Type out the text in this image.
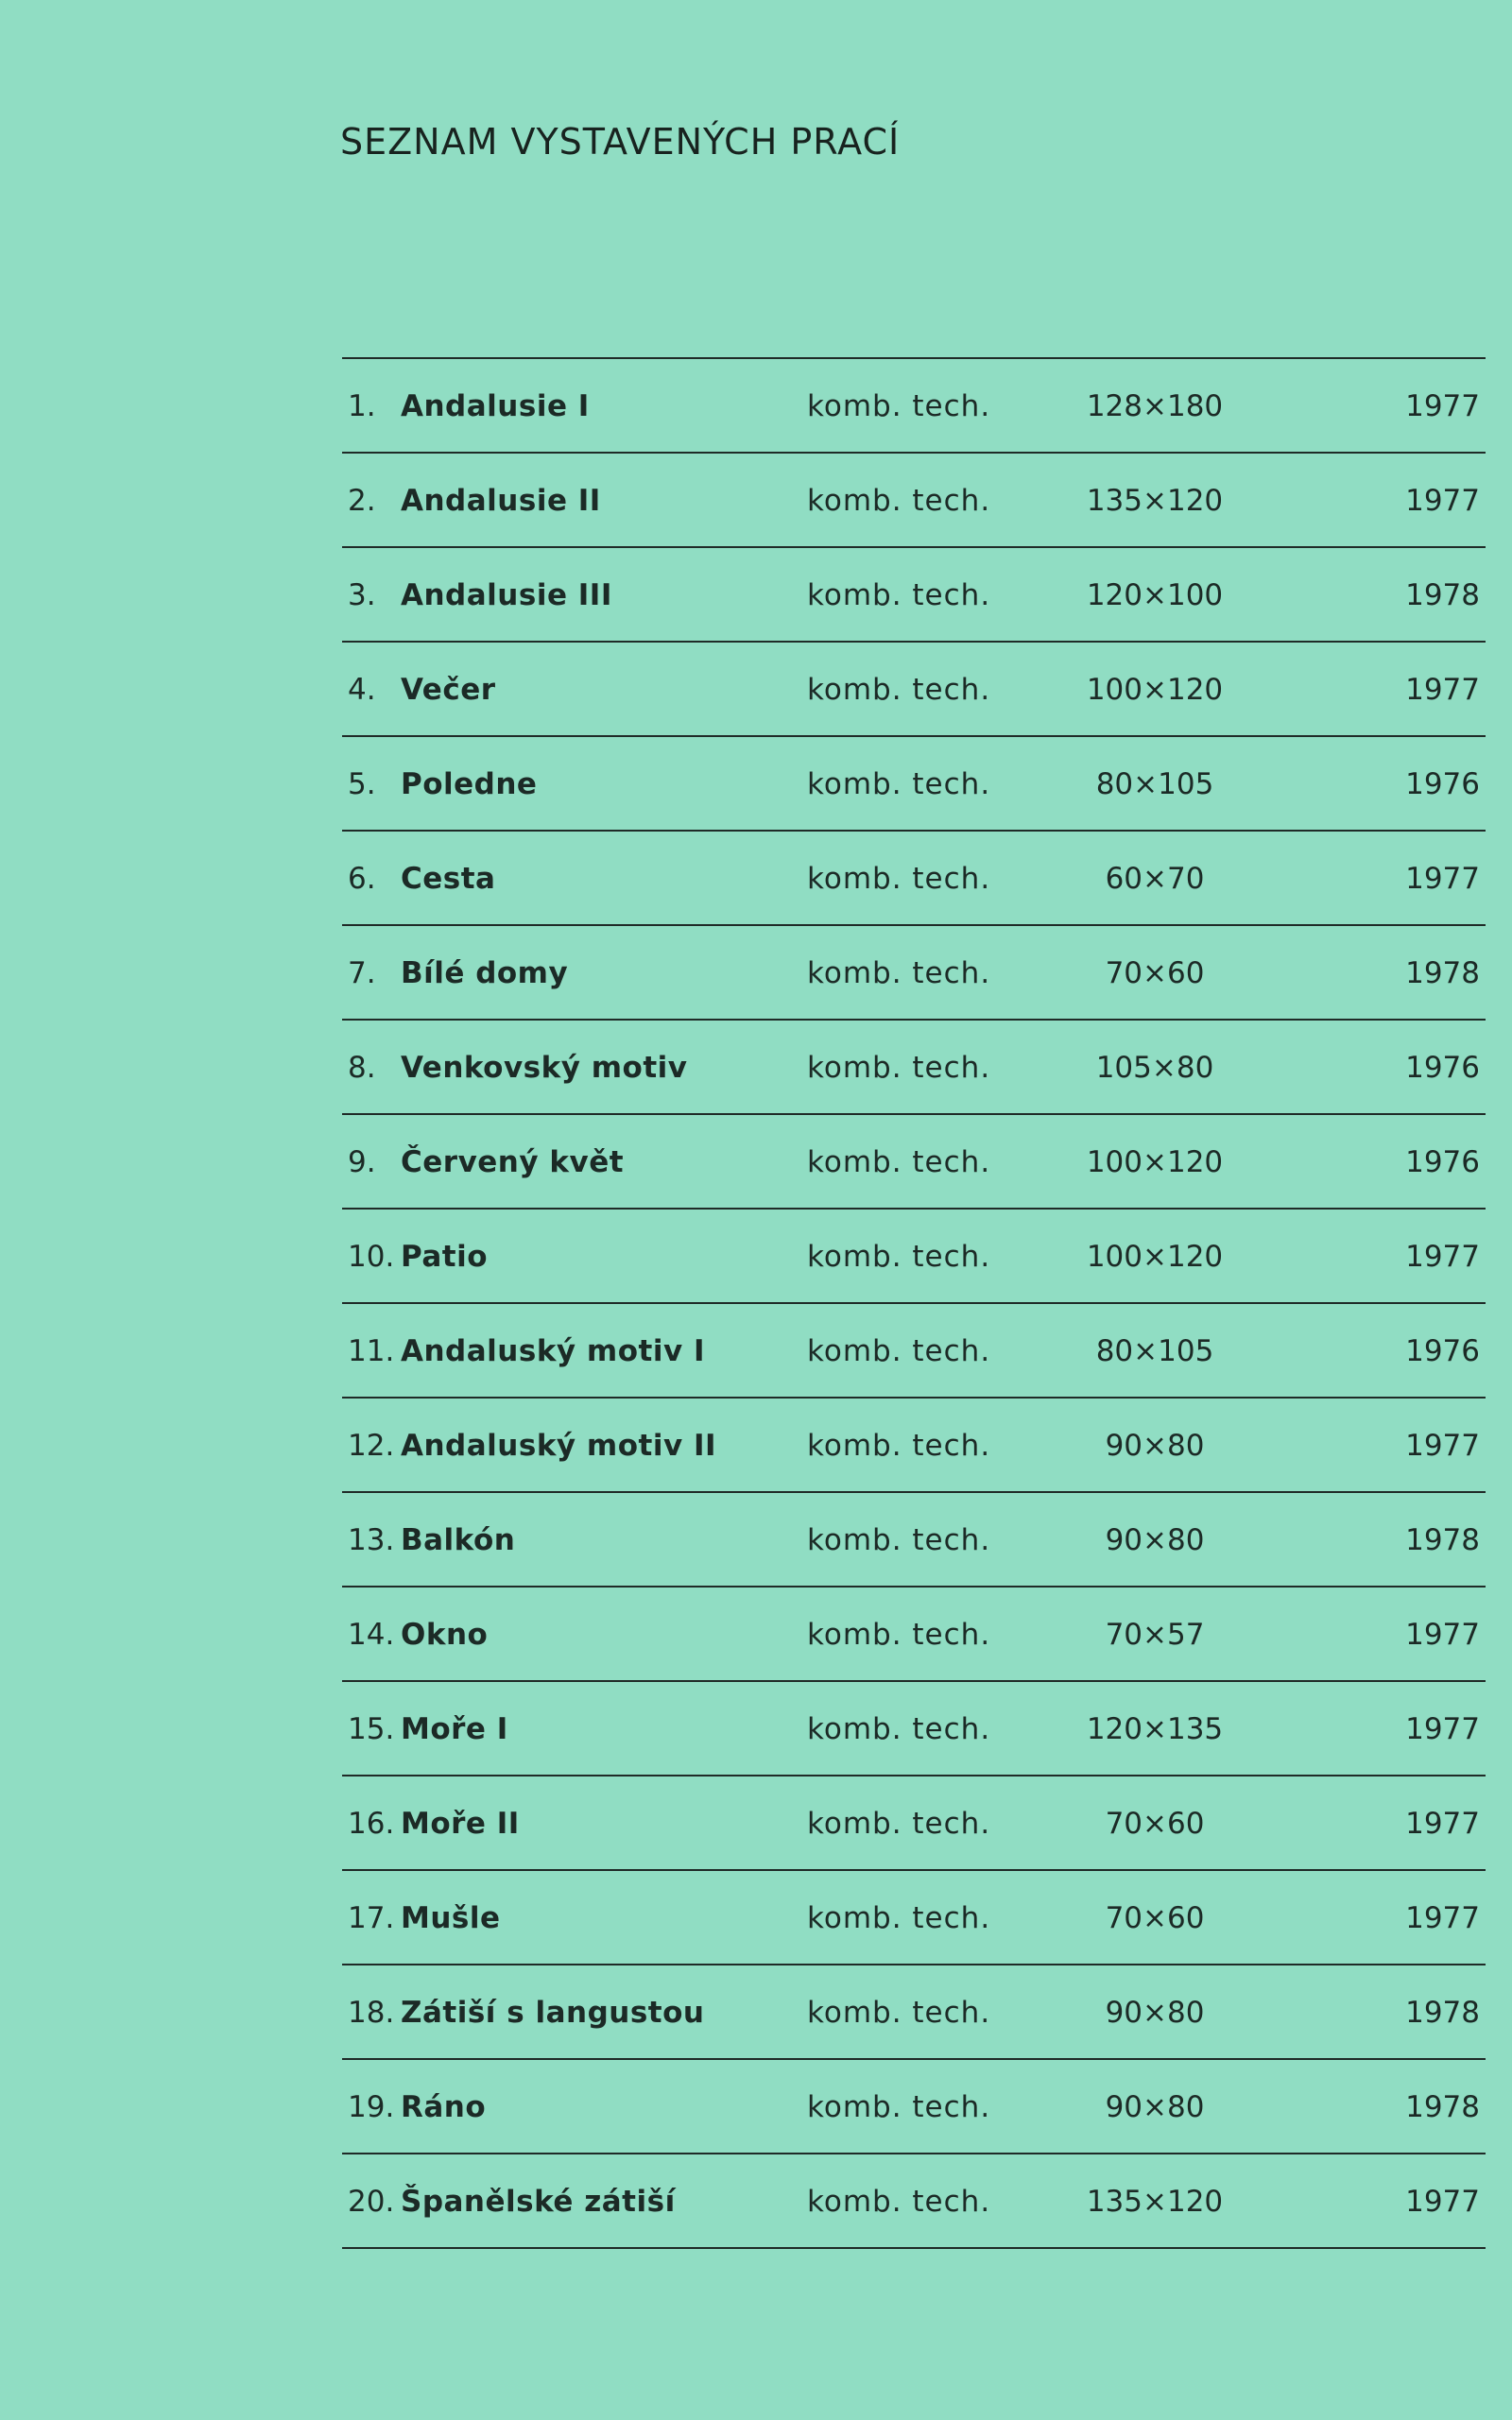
SEZNAM VYSTAVENÝCH PRACÍ
1. Andalusie I	komb. tech.	128×180	1977
2. Andalusie II	komb. tech.	135×120	1977
3. Andalusie III	komb. tech.	120×100	1978
4. Večer	komb. tech.	100×120	1977
5. Poledne	komb. tech.	80×105	1976
6. Cesta	komb. tech.	60×70	1977
7. Bílé domy	komb. tech.	70×60	1978
8. Venkovský motiv	komb. tech.	105×80	1976
9. Červený květ	komb. tech.	100×120	1976
10. Patio	komb. tech.	100×120	1977
11. Andaluský motiv I	komb. tech.	80×105	1976
12. Andaluský motiv II	komb. tech.	90×80	1977
13. Balkón	komb. tech.	90×80	1978
14. Okno	komb. tech.	70×57	1977
15. Moře I	komb. tech.	120×135	1977
16. Moře II	komb. tech.	70×60	1977
17. Mušle	komb. tech.	70×60	1977
18. Zátiší s langustou	komb. tech.	90×80	1978
19. Ráno	komb. tech.	90×80	1978
20. Španělské zátiší	komb. tech.	135×120	1977
